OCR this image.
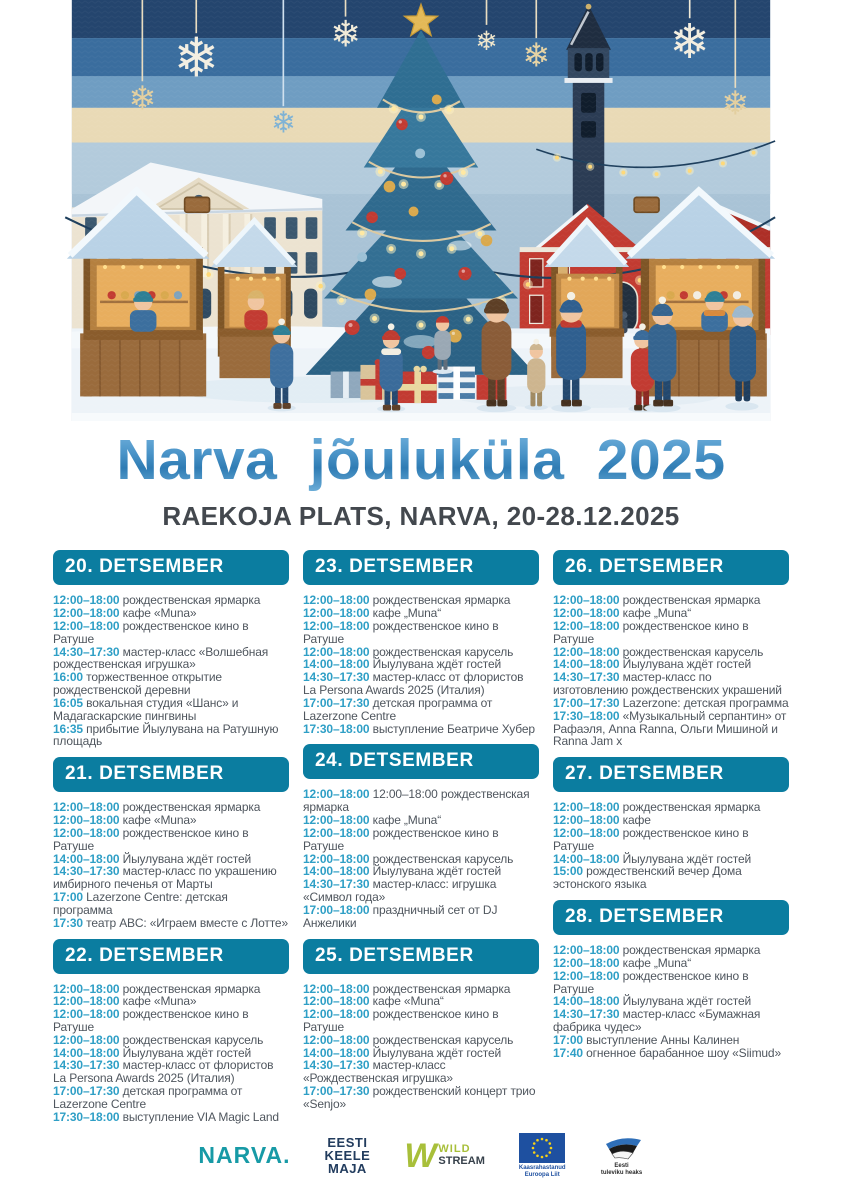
❄
❄
❄
❄
❄ ❄ ❄
❄
Narva jõuluküla 2025
RAEKOJA PLATS, NARVA, 20-28.12.2025
20. DETSEMBER

12:00–18:00 рождественская ярмарка

12:00–18:00 кафе «Muna»

12:00–18:00 рождественское кино в Ратуше

14:30–17:30 мастер-класс «Волшебная рождественская игрушка»

16:00 торжественное открытие рождественской деревни

16:05 вокальная студия «Шанс» и Мадагаскарские пингвины

16:35 прибытие Йыулувана на Ратушную площадь

21. DETSEMBER

12:00–18:00 рождественская ярмарка

12:00–18:00 кафе «Muna»

12:00–18:00 рождественское кино в Ратуше

14:00–18:00 Йыулувана ждёт гостей

14:30–17:30 мастер-класс по украшению имбирного печенья от Марты

17:00 Lazerzone Centre: детская программа

17:30 театр ABC: «Играем вместе с Лотте»

22. DETSEMBER

12:00–18:00 рождественская ярмарка

12:00–18:00 кафе «Muna»

12:00–18:00 рождественское кино в Ратуше

12:00–18:00 рождественская карусель

14:00–18:00 Йыулувана ждёт гостей

14:30–17:30 мастер-класс от флористов La Persona Awards 2025 (Италия)

17:00–17:30 детская программа от Lazerzone Centre

17:30–18:00 выступление VIA Magic Land

23. DETSEMBER

12:00–18:00 рождественская ярмарка

12:00–18:00 кафе „Muna“

12:00–18:00 рождественское кино в Ратуше

12:00–18:00 рождественская карусель

14:00–18:00 Йыулувана ждёт гостей

14:30–17:30 мастер-класс от флористов La Persona Awards 2025 (Италия)

17:00–17:30 детская программа от Lazerzone Centre

17:30–18:00 выступление Беатриче Хубер

24. DETSEMBER

12:00–18:00 12:00–18:00 рождественская ярмарка

12:00–18:00 кафе „Muna“

12:00–18:00 рождественское кино в Ратуше

12:00–18:00 рождественская карусель

14:00–18:00 Йыулувана ждёт гостей

14:30–17:30 мастер-класс: игрушка «Символ года»

17:00–18:00 праздничный сет от DJ Анжелики

25. DETSEMBER

12:00–18:00 рождественская ярмарка

12:00–18:00 кафе «Muna“

12:00–18:00 рождественское кино в Ратуше

12:00–18:00 рождественская карусель

14:00–18:00 Йыулувана ждёт гостей

14:30–17:30 мастер-класс «Рождественская игрушка»

17:00–17:30 рождественский концерт трио «Senjo»

26. DETSEMBER

12:00–18:00 рождественская ярмарка

12:00–18:00 кафе „Muna“

12:00–18:00 рождественское кино в Ратуше

12:00–18:00 рождественская карусель

14:00–18:00 Йыулувана ждёт гостей

14:30–17:30 мастер-класс по изготовлению рождественских украшений

17:00–17:30 Lazerzone: детская программа

17:30–18:00 «Музыкальный серпантин» от Рафаэля, Anna Ranna, Ольги Мишиной и Ranna Jam x

27. DETSEMBER

12:00–18:00 рождественская ярмарка

12:00–18:00 кафе

12:00–18:00 рождественское кино в Ратуше

14:00–18:00 Йыулувана ждёт гостей

15:00 рождественский вечер Дома эстонского языка

28. DETSEMBER

12:00–18:00 рождественская ярмарка

12:00–18:00 кафе „Muna“

12:00–18:00 рождественское кино в Ратуше

14:00–18:00 Йыулувана ждёт гостей

14:30–17:30 мастер-класс «Бумажная фабрика чудес»

17:00 выступление Анны Калинен

17:40 огненное барабанное шоу «Siimud»

NARVA.	EESTI
KEELE
MAJA W WILD
STREAM
Kaasrahastanud
Euroopa Liit
Eesti
tuleviku heaks
